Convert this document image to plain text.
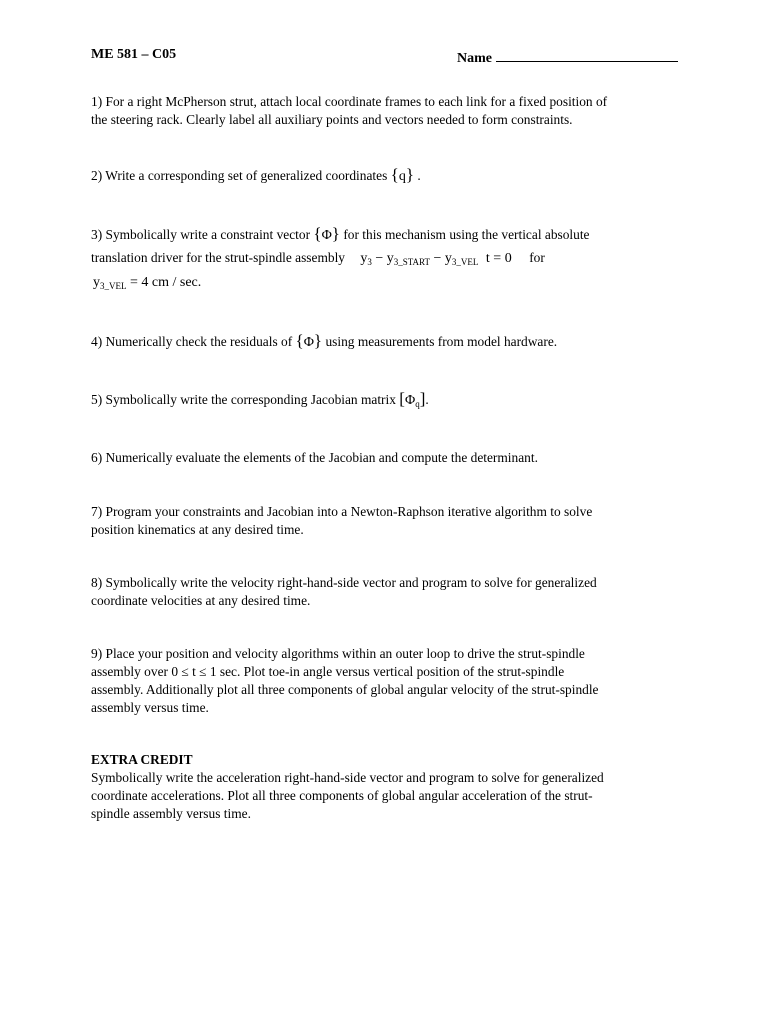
ME 581 – C05	Name
1) For a right McPherson strut, attach local coordinate frames to each link for a fixed position of
the steering rack. Clearly label all auxiliary points and vectors needed to form constraints.
2) Write a corresponding set of generalized coordinates {q} .
3) Symbolically write a constraint vector {Φ} for this mechanism using the vertical absolute
translation driver for the strut-spindle assembly $y_3 - y_{3\_START} - y_{3\_VEL}$ t = 0 for
$y_{3\_VEL} = 4$ cm / sec.
4) Numerically check the residuals of {Φ} using measurements from model hardware.
5) Symbolically write the corresponding Jacobian matrix $[\Phi_q]$.
6) Numerically evaluate the elements of the Jacobian and compute the determinant.
7) Program your constraints and Jacobian into a Newton-Raphson iterative algorithm to solve
position kinematics at any desired time.
8) Symbolically write the velocity right-hand-side vector and program to solve for generalized
coordinate velocities at any desired time.
9) Place your position and velocity algorithms within an outer loop to drive the strut-spindle
assembly over 0 ≤ t ≤ 1 sec. Plot toe-in angle versus vertical position of the strut-spindle
assembly. Additionally plot all three components of global angular velocity of the strut-spindle
assembly versus time.
EXTRA CREDIT
Symbolically write the acceleration right-hand-side vector and program to solve for generalized
coordinate accelerations. Plot all three components of global angular acceleration of the strut-
spindle assembly versus time.
